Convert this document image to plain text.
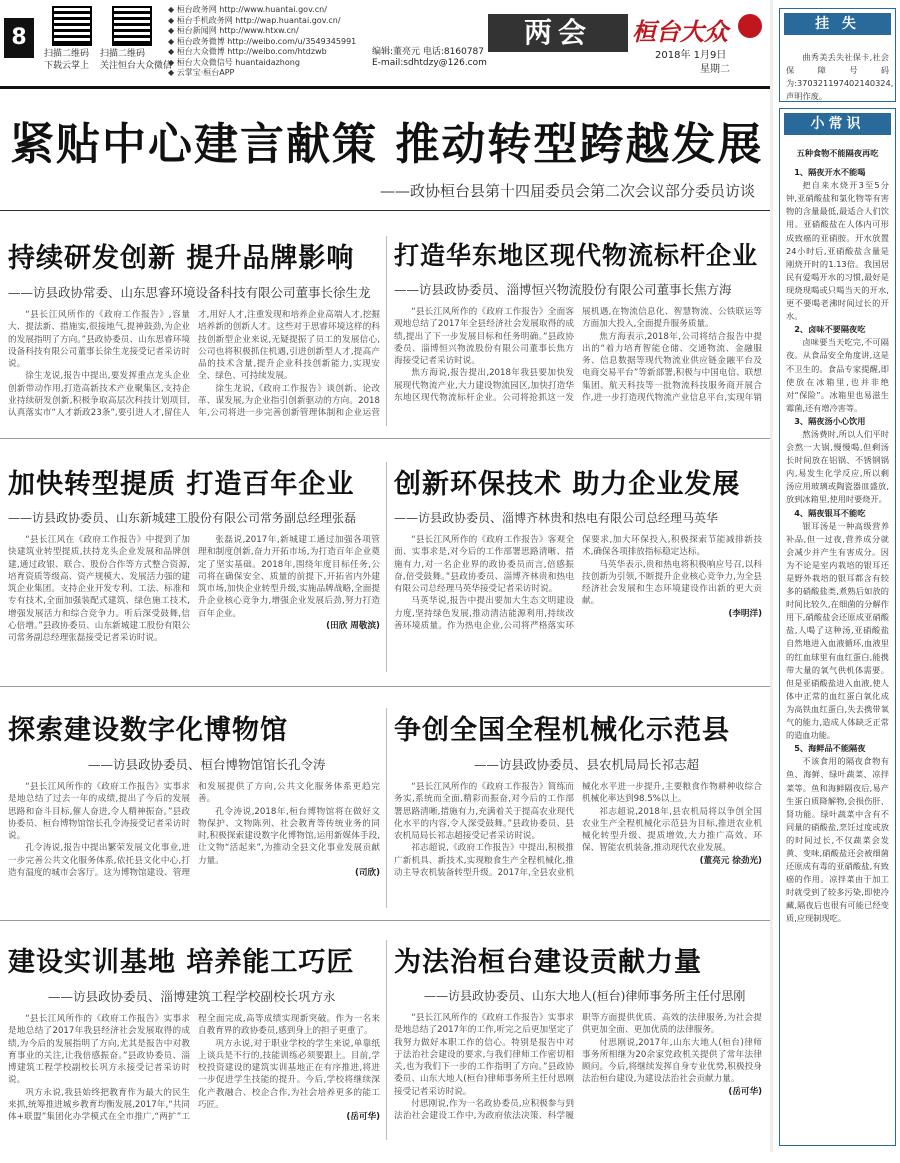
8
扫描二维码
下载云掌上
扫描二维码
关注恒台大众微信
◆ 桓台政务网 http://www.huantai.gov.cn/
◆ 桓台手机政务网 http://wap.huantai.gov.cn/
◆ 桓台新闻网 http://www.htxw.cn/
◆ 桓台政务微博 http://weibo.com/u/3549345991
◆ 桓台大众微博 http://weibo.com/htdzwb
◆ 桓台大众微信号 huantaidazhong
◆ 云掌宝·桓台APP
编辑:董亮元 电话:8160787
E-mail:sdhtdzy@126.com
两会	桓台大众
2018年 1月9日
星期二
紧贴中心建言献策 推动转型跨越发展
——政协桓台县第十四届委员会第二次会议部分委员访谈
持续研发创新 提升品牌影响
——访县政协常委、山东思睿环境设备科技有限公司董事长徐生龙

“县长江风所作的《政府工作报告》,容量大、提法新、措施实,很接地气,提神鼓劲,为企业的发展指明了方向。”县政协委员、山东思睿环境设备科技有限公司董事长徐生龙接受记者采访时说。

徐生龙说,报告中提出,要发挥重点龙头企业创新带动作用,打造高新技术产业聚集区,支持企业持续研发创新,积极争取高层次科技计划项目,认真落实市“人才新政23条”,要引进人才,留住人才,用好人才,注重发现和培养企业高端人才,挖掘培养新的创新人才。这些对于思睿环境这样的科技创新型企业来说,无疑提振了员工的发展信心,公司也将积极抓住机遇,引进创新型人才,提高产品的技术含量,提升企业科技创新能力,实现安全、绿色、可持续发展。

徐生龙说,《政府工作报告》谈创新、论改革、谋发展,为企业指引创新驱动的方向。2018年,公司将进一步完善创新管理体制和企业运营

打造华东地区现代物流标杆企业
——访县政协委员、淄博恒兴物流股份有限公司董事长焦方海

“县长江风所作的《政府工作报告》全面客观地总结了2017年全县经济社会发展取得的成绩,提出了下一步发展目标和任务明确。”县政协委员、淄博恒兴物流股份有限公司董事长焦方海接受记者采访时说。

焦方海说,报告提出,2018年我县要加快发展现代物流产业,大力建设物流园区,加快打造华东地区现代物流标杆企业。公司将抢抓这一发展机遇,在物流信息化、智慧物流、公铁联运等方面加大投入,全面提升服务质量。

焦方海表示,2018年,公司将结合报告中提出的“着力培育智能仓储、交通物流、金融服务、信息数据等现代物流业供应链金融平台及电商交易平台”等新部署,积极与中国电信、联想集团、航天科技等一批物流科技服务商开展合作,进一步打造现代物流产业信息平台,实现年销

加快转型提质 打造百年企业
——访县政协委员、山东新城建工股份有限公司常务副总经理张磊

“县长江风在《政府工作报告》中提到了加快建筑业转型提质,扶持龙头企业发展和品牌创建,通过政银、联合、股份合作等方式整合资源,培育资质等级高、资产规模大、发展活力强的建筑企业集团。支持企业开发专利、工法、标准和专有技术,全面加强装配式建筑、绿色施工技术,增强发展活力和综合竞争力。听后深受鼓舞,信心倍增。”县政协委员、山东新城建工股份有限公司常务副总经理张磊接受记者采访时说。

张磊说,2017年,新城建工通过加强各项管理和制度创新,奋力开拓市场,为打造百年企业奠定了坚实基础。2018年,围绕年度目标任务,公司将在确保安全、质量的前提下,开拓省内外建筑市场,加快企业转型升级,实施品牌战略,全面提升企业核心竞争力,增强企业发展后劲,努力打造百年企业。

(田欣 周敬滨)

创新环保技术 助力企业发展
——访县政协委员、淄博齐林贵和热电有限公司总经理马英华

“县长江风所作的《政府工作报告》客观全面、实事求是,对今后的工作部署思路清晰、措施有力,对一名企业界的政协委员而言,倍感振奋,倍受鼓舞。”县政协委员、淄博齐林贵和热电有限公司总经理马英华接受记者采访时说。

马英华说,报告中提出要加大生态文明建设力度,坚持绿色发展,推动清洁能源利用,持续改善环境质量。作为热电企业,公司将严格落实环保要求,加大环保投入,积极探索节能减排新技术,确保各项排放指标稳定达标。

马英华表示,贵和热电将积极响应号召,以科技创新为引领,不断提升企业核心竞争力,为全县经济社会发展和生态环境建设作出新的更大贡献。

(李明洋)

探索建设数字化博物馆
——访县政协委员、桓台博物馆馆长孔令涛

“县长江风所作的《政府工作报告》实事求是地总结了过去一年的成绩,提出了今后的发展思路和奋斗目标,催人奋进,令人精神振奋。”县政协委员、桓台博物馆馆长孔令涛接受记者采访时说。

孔令涛说,报告中提出繁荣发展文化事业,进一步完善公共文化服务体系,依托县文化中心,打造有温度的城市会客厅。这为博物馆建设、管理和发展提供了方向,公共文化服务体系更趋完善。

孔令涛说,2018年,桓台博物馆将在做好文物保护、文物陈列、社会教育等传统业务的同时,积极探索建设数字化博物馆,运用新媒体手段,让文物“活起来”,为推动全县文化事业发展贡献力量。

(司欣)

争创全国全程机械化示范县
——访县政协委员、县农机局局长祁志超

“县长江风所作的《政府工作报告》简练而务实,系统而全面,精彩而振奋,对今后的工作部署思路清晰,措施有力,充满着关于提高农业现代化水平的内容,令人深受鼓舞。”县政协委员、县农机局局长祁志超接受记者采访时说。

祁志超说,《政府工作报告》中提出,积极推广新机具、新技术,实现粮食生产全程机械化,推动主导农机装备转型升级。2017年,全县农业机械化水平进一步提升,主要粮食作物耕种收综合机械化率达到98.5%以上。

祁志超说,2018年,县农机局将以争创全国农业生产全程机械化示范县为目标,推进农业机械化转型升级、提质增效,大力推广高效、环保、智能农机装备,推动现代农业发展。

(董亮元 徐劲光)

建设实训基地 培养能工巧匠
——访县政协委员、淄博建筑工程学校副校长巩方永

“县长江风所作的《政府工作报告》实事求是地总结了2017年我县经济社会发展取得的成绩,为今后的发展指明了方向,尤其是报告中对教育事业的关注,让我倍感振奋。”县政协委员、淄博建筑工程学校副校长巩方永接受记者采访时说。

巩方永说,我县始终把教育作为最大的民生来抓,统筹推进城乡教育均衡发展,2017年,“共同体+联盟”集团化办学模式在全市推广,“两扩”工程全面完成,高等成绩实现新突破。作为一名来自教育界的政协委员,感到身上的担子更重了。

巩方永说,对于职业学校的学生来说,单靠纸上谈兵是不行的,技能训练必须要跟上。目前,学校投资建设的建筑实训基地正在有序推进,将进一步促进学生技能的提升。今后,学校将继续深化产教融合、校企合作,为社会培养更多的能工巧匠。

(岳可华)

为法治桓台建设贡献力量
——访县政协委员、山东大地人(桓台)律师事务所主任付思刚

“县长江风所作的《政府工作报告》实事求是地总结了2017年的工作,听完之后更加坚定了我努力做好本职工作的信心。特别是报告中对于法治社会建设的要求,与我们律师工作密切相关,也为我们下一步的工作指明了方向。”县政协委员、山东大地人(桓台)律师事务所主任付思刚接受记者采访时说。

付思刚说,作为一名政协委员,应积极参与到法治社会建设工作中,为政府依法决策、科学履职等方面提供优质、高效的法律服务,为社会提供更加全面、更加优质的法律服务。

付思刚说,2017年,山东大地人(桓台)律师事务所相继为20余家党政机关提供了常年法律顾问。今后,将继续发挥自身专业优势,积极投身法治桓台建设,为建设法治社会贡献力量。

(岳可华)

挂 失

曲秀美丢失社保卡,社会保障号码为:370321197402140324,声明作废。

小常识

五种食物不能隔夜再吃

1、隔夜开水不能喝

把自来水烧开3至5分钟,亚硝酸盐和氯化物等有害物的含量最低,最适合人们饮用。亚硝酸盐在人体内可形成致癌的亚硝胺。开水放置24小时后,亚硝酸盐含量是刚烧开时的1.13倍。我国居民有爱喝开水的习惯,最好是现烧现喝或只喝当天的开水,更不要喝老沸时间过长的开水。

2、卤味不要隔夜吃

卤味要当天吃完,不可隔夜。从食品安全角度讲,这是不卫生的。食品专家提醒,即使放在冰箱里,也并非绝对“保险”。冰箱里也易滋生霉菌,还有增冷害等。

3、隔夜汤小心饮用

熬汤费时,所以人们平时会熬一大锅,慢慢喝,但剩汤长时间放在铝锅、不锈钢锅内,易发生化学反应,所以剩汤应用玻璃或陶瓷器皿盛放,放到冰箱里,使用时要烧开。

4、隔夜银耳不能吃

银耳汤是一种高级营养补品,但一过夜,营养成分就会减少并产生有害成分。因为不论是室内栽培的银耳还是野外栽培的银耳都含有较多的硝酸盐类,煮熟后如放的时间比较久,在细菌的分解作用下,硝酸盐会还原成亚硝酸盐,人喝了这种汤,亚硝酸盐自然地进入血液循环,血液里的红血球里有血红蛋白,能携带大量的氧气供机体需要。但是亚硝酸盐进入血液,使人体中正常的血红蛋白氧化成为高铁血红蛋白,失去携带氧气的能力,造成人体缺乏正常的造血功能。

5、海鲜品不能隔夜

不该食用的隔夜食物有鱼、海鲜、绿叶蔬菜、凉拌菜等。鱼和海鲜隔夜后,易产生蛋白质降解物,会损伤肝、肾功能。绿叶蔬菜中含有不同量的硝酸盐,烹饪过度或放的时间过长,不仅蔬菜会发黄、变味,硝酸盐还会被细菌还原成有毒的亚硝酸盐,有致癌的作用。凉拌菜由于加工时就受到了较多污染,即使冷藏,隔夜后也很有可能已经变质,应现制现吃。
